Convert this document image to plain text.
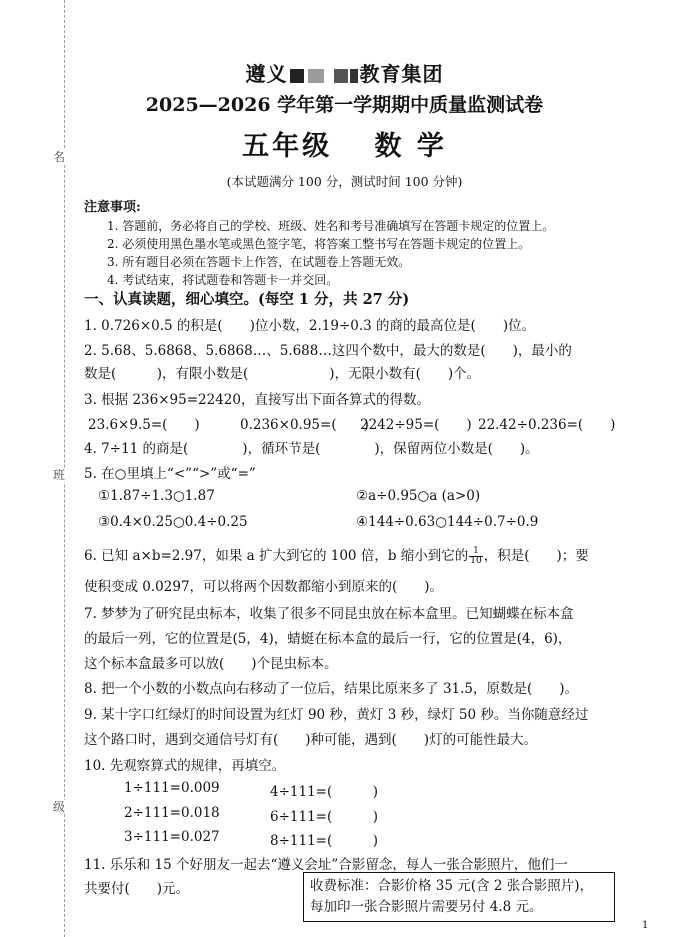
名
班
级
遵义	教育集团
2025—2026 学年第一学期期中质量监测试卷
五年级　 数 学
(本试题满分 100 分，测试时间 100 分钟)
注意事项:
1. 答题前，务必将自己的学校、班级、姓名和考号准确填写在答题卡规定的位置上。
2. 必须使用黑色墨水笔或黑色签字笔，将答案工整书写在答题卡规定的位置上。
3. 所有题目必须在答题卡上作答，在试题卷上答题无效。
4. 考试结束，将试题卷和答题卡一并交回。
一、认真读题，细心填空。(每空 1 分，共 27 分)
1. 0.726×0.5 的积是(　　)位小数，2.19÷0.3 的商的最高位是(　　)位。
2. 5.68、5.6868、5.6868…、5.688…这四个数中，最大的数是(　　)，最小的
数是(　　　)，有限小数是(　　　　　　)，无限小数有(　　)个。
3. 根据 236×95=22420，直接写出下面各算式的得数。
23.6×9.5=(　　)	0.236×0.95=(　　)
2242÷95=(　　) 22.42÷0.236=(　　)
4. 7÷11 的商是(　　　　)，循环节是(　　　　)，保留两位小数是(　　)。
5. 在○里填上“<”“>”或“=”
①1.87÷1.3○1.87	②a÷0.95○a (a>0)
③0.4×0.25○0.4÷0.25	④144÷0.63○144÷0.7÷0.9
6. 已知 a×b=2.97，如果 a 扩大到它的 100 倍，b 缩小到它的 $\frac{1}{10}$ ，积是(　　)；要
使积变成 0.0297，可以将两个因数都缩小到原来的(　　)。
7. 梦梦为了研究昆虫标本，收集了很多不同昆虫放在标本盒里。已知蝴蝶在标本盒
的最后一列，它的位置是(5，4)，蜻蜓在标本盒的最后一行，它的位置是(4，6)，
这个标本盒最多可以放(　　)个昆虫标本。
8. 把一个小数的小数点向右移动了一位后，结果比原来多了 31.5，原数是(　　)。
9. 某十字口红绿灯的时间设置为红灯 90 秒，黄灯 3 秒，绿灯 50 秒。当你随意经过
这个路口时，遇到交通信号灯有(　　)种可能，遇到(　　)灯的可能性最大。
10. 先观察算式的规律，再填空。
1÷111=0.009	4÷111=(　　　)
2÷111=0.018	6÷111=(　　　)
3÷111=0.027	8÷111=(　　　)
11. 乐乐和 15 个好朋友一起去“遵义会址”合影留念，每人一张合影照片，他们一
共要付(　　)元。	收费标准：合影价格 35 元(含 2 张合影照片)，
每加印一张合影照片需要另付 4.8 元。
1
